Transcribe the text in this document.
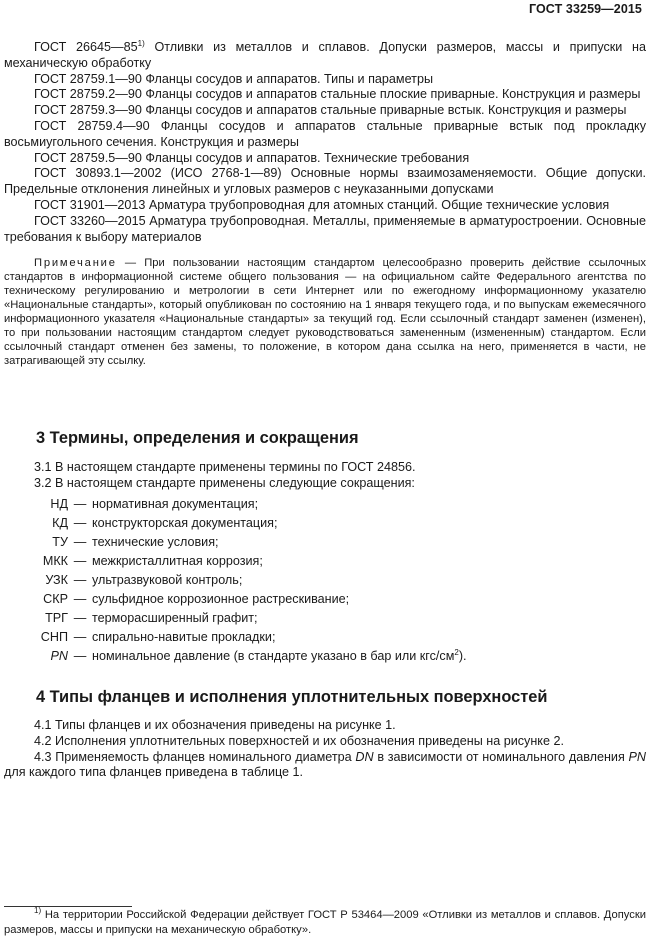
ГОСТ 33259—2015

ГОСТ 26645—85$^{1)}$ Отливки из металлов и сплавов. Допуски размеров, массы и припуски на механическую обработку

ГОСТ 28759.1—90 Фланцы сосудов и аппаратов. Типы и параметры

ГОСТ 28759.2—90 Фланцы сосудов и аппаратов стальные плоские приварные. Конструкция и размеры

ГОСТ 28759.3—90 Фланцы сосудов и аппаратов стальные приварные встык. Конструкция и размеры

ГОСТ 28759.4—90 Фланцы сосудов и аппаратов стальные приварные встык под прокладку восьмиугольного сечения. Конструкция и размеры

ГОСТ 28759.5—90 Фланцы сосудов и аппаратов. Технические требования

ГОСТ 30893.1—2002 (ИСО 2768-1—89) Основные нормы взаимозаменяемости. Общие допуски. Предельные отклонения линейных и угловых размеров с неуказанными допусками

ГОСТ 31901—2013 Арматура трубопроводная для атомных станций. Общие технические условия

ГОСТ 33260—2015 Арматура трубопроводная. Металлы, применяемые в арматуростроении. Основные требования к выбору материалов

Примечание — При пользовании настоящим стандартом целесообразно проверить действие ссылочных стандартов в информационной системе общего пользования — на официальном сайте Федерального агентства по техническому регулированию и метрологии в сети Интернет или по ежегодному информационному указателю «Национальные стандарты», который опубликован по состоянию на 1 января текущего года, и по выпускам ежемесячного информационного указателя «Национальные стандарты» за текущий год. Если ссылочный стандарт заменен (изменен), то при пользовании настоящим стандартом следует руководствоваться замененным (измененным) стандартом. Если ссылочный стандарт отменен без замены, то положение, в котором дана ссылка на него, применяется в части, не затрагивающей эту ссылку.

3 Термины, определения и сокращения

3.1 В настоящем стандарте применены термины по ГОСТ 24856.

3.2 В настоящем стандарте применены следующие сокращения:

НД — нормативная документация;
КД — конструкторская документация;
ТУ — технические условия;
МКК — межкристаллитная коррозия;
УЗК — ультразвуковой контроль;
СКР — сульфидное коррозионное растрескивание;
ТРГ — терморасширенный графит;
СНП — спирально-навитые прокладки;
PN — номинальное давление (в стандарте указано в бар или кгс/$см^2$).
4 Типы фланцев и исполнения уплотнительных поверхностей

4.1 Типы фланцев и их обозначения приведены на рисунке 1.

4.2 Исполнения уплотнительных поверхностей и их обозначения приведены на рисунке 2.

4.3 Применяемость фланцев номинального диаметра DN в зависимости от номинального давления PN для каждого типа фланцев приведена в таблице 1.

$^{1)}$ На территории Российской Федерации действует ГОСТ Р 53464—2009 «Отливки из металлов и сплавов. Допуски размеров, массы и припуски на механическую обработку».
